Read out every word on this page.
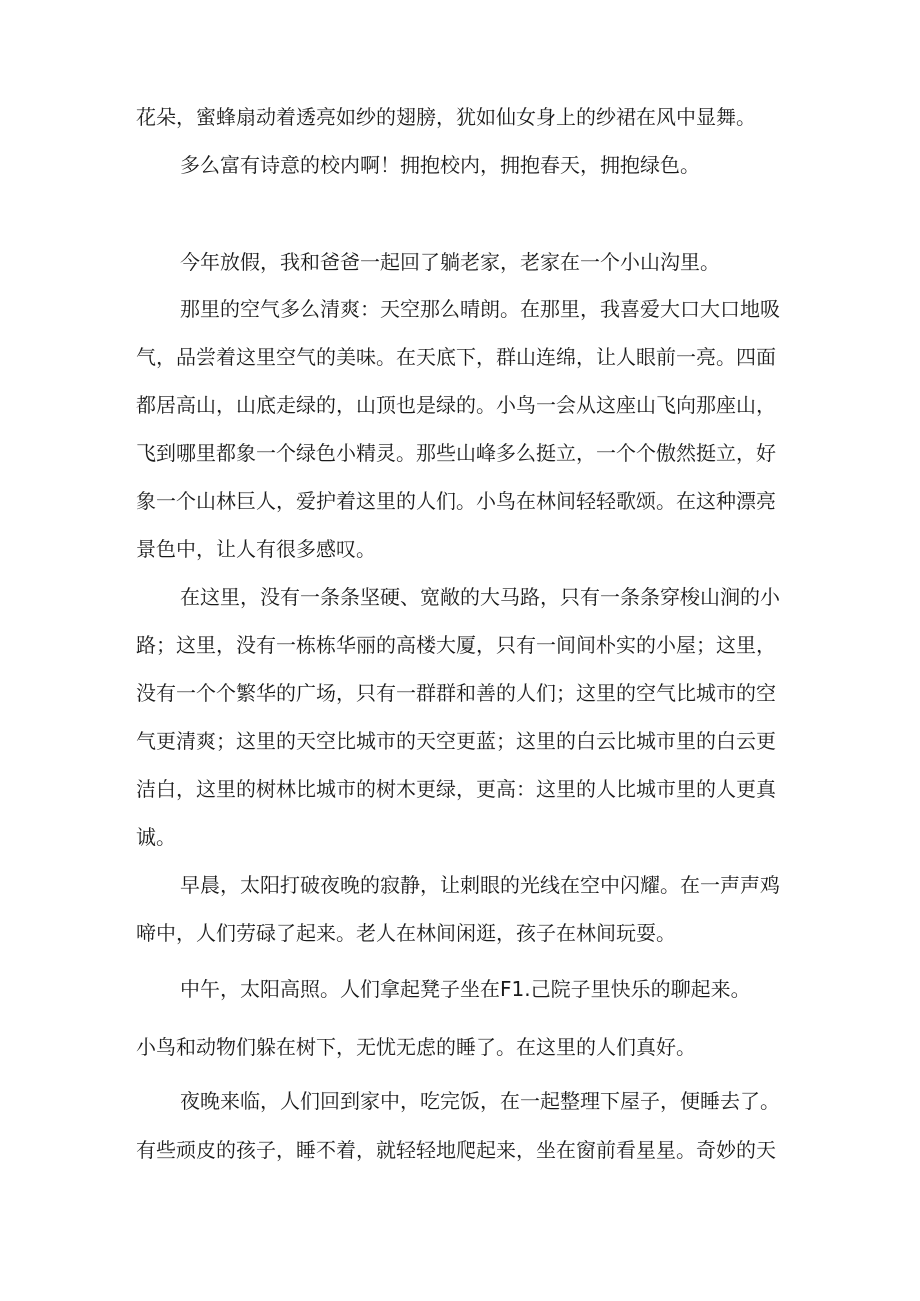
花朵，蜜蜂扇动着透亮如纱的翅膀，犹如仙女身上的纱裙在风中显舞。
多么富有诗意的校内啊！拥抱校内，拥抱春天，拥抱绿色。
今年放假，我和爸爸一起回了躺老家，老家在一个小山沟里。
那里的空气多么清爽：天空那么晴朗。在那里，我喜爱大口大口地吸
气，品尝着这里空气的美味。在天底下，群山连绵，让人眼前一亮。四面
都居高山，山底走绿的，山顶也是绿的。小鸟一会从这座山飞向那座山，
飞到哪里都象一个绿色小精灵。那些山峰多么挺立，一个个傲然挺立，好
象一个山林巨人，爱护着这里的人们。小鸟在林间轻轻歌颂。在这种漂亮
景色中，让人有很多感叹。
在这里，没有一条条坚硬、宽敞的大马路，只有一条条穿梭山涧的小
路；这里，没有一栋栋华丽的高楼大厦，只有一间间朴实的小屋；这里，
没有一个个繁华的广场，只有一群群和善的人们；这里的空气比城市的空
气更清爽；这里的天空比城市的天空更蓝；这里的白云比城市里的白云更
洁白，这里的树林比城市的树木更绿，更高：这里的人比城市里的人更真
诚。
早晨，太阳打破夜晚的寂静，让刺眼的光线在空中闪耀。在一声声鸡
啼中，人们劳碌了起来。老人在林间闲逛，孩子在林间玩耍。
中午，太阳高照。人们拿起凳子坐在F1.己院子里快乐的聊起来。
小鸟和动物们躲在树下，无忧无虑的睡了。在这里的人们真好。
夜晚来临，人们回到家中，吃完饭，在一起整理下屋子，便睡去了。
有些顽皮的孩子，睡不着，就轻轻地爬起来，坐在窗前看星星。奇妙的天
